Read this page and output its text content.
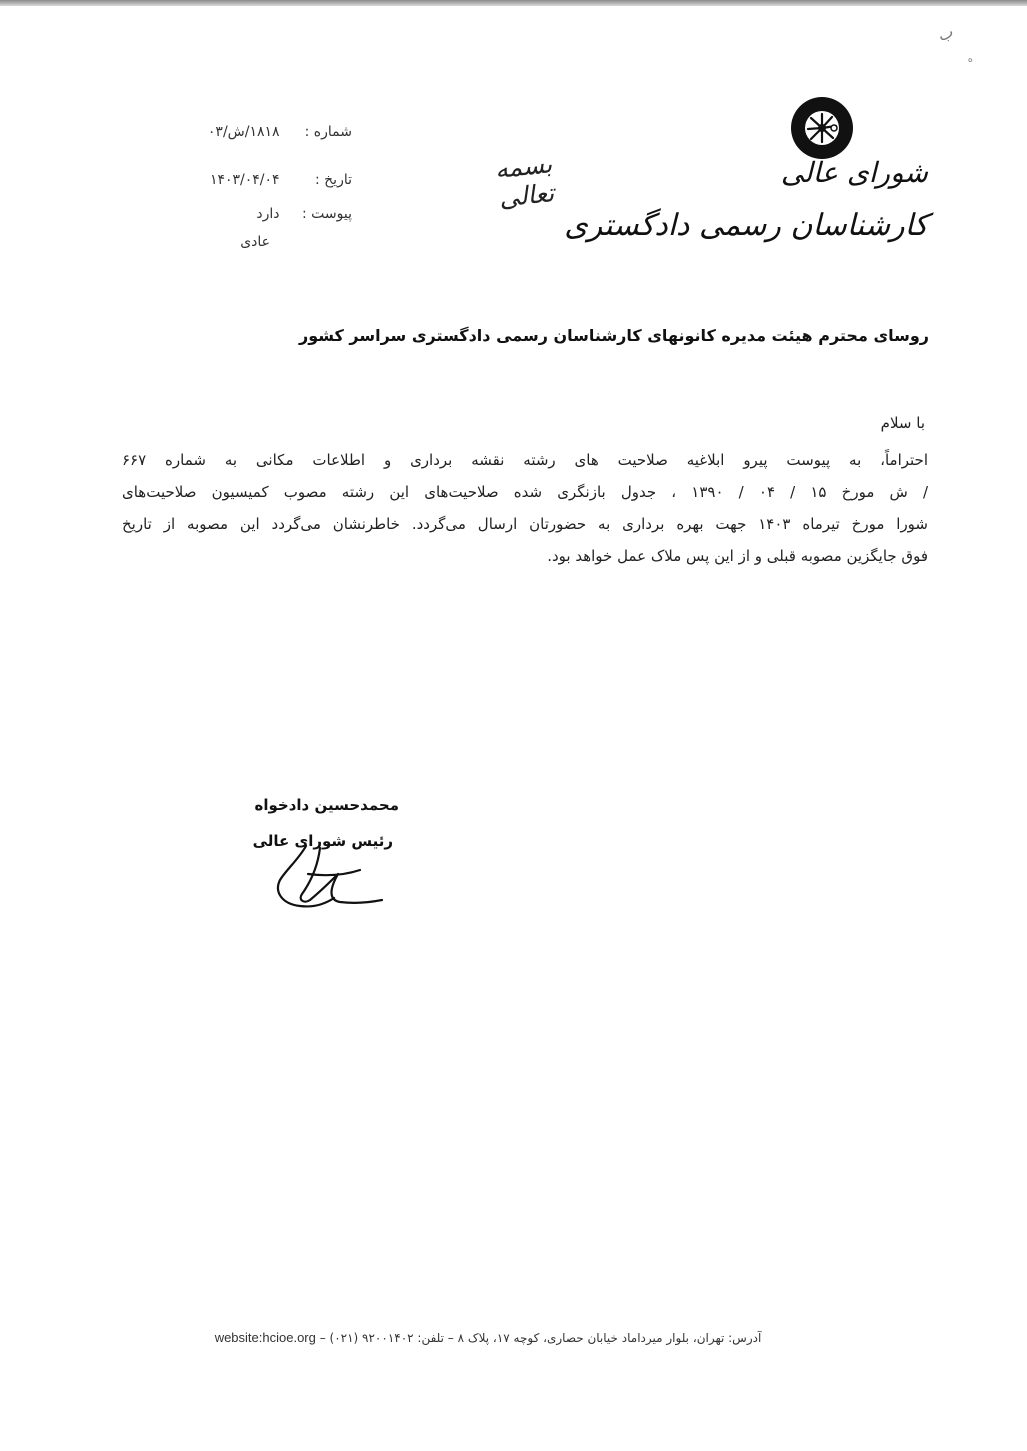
ب
ه
شورای عالی
کارشناسان رسمی دادگستری
بسمه تعالی
شماره : ۱۸۱۸/ش/۰۳
تاریخ : ۱۴۰۳/۰۴/۰۴
پیوست : دارد
عادی
روسای محترم هیئت مدیره کانونهای کارشناسان رسمی دادگستری سراسر کشور
با سلام
احتراماً، به پیوست پیرو ابلاغیه صلاحیت های رشته نقشه برداری و اطلاعات مکانی به شماره ۶۶۷
/ ش مورخ ۱۵ / ۰۴ / ۱۳۹۰ ، جدول بازنگری شده صلاحیت‌های این رشته مصوب کمیسیون صلاحیت‌های
شورا مورخ تیرماه ۱۴۰۳ جهت بهره برداری به حضورتان ارسال می‌گردد. خاطرنشان می‌گردد این مصوبه از تاریخ
فوق جایگزین مصوبه قبلی و از این پس ملاک عمل خواهد بود.
محمدحسین دادخواه
رئیس شورای عالی
آدرس: تهران، بلوار میرداماد خیابان حصاری، کوچه ۱۷، پلاک ۸ – تلفن: ۹۲۰۰۱۴۰۲ (۰۲۱) – website:hcioe.org
